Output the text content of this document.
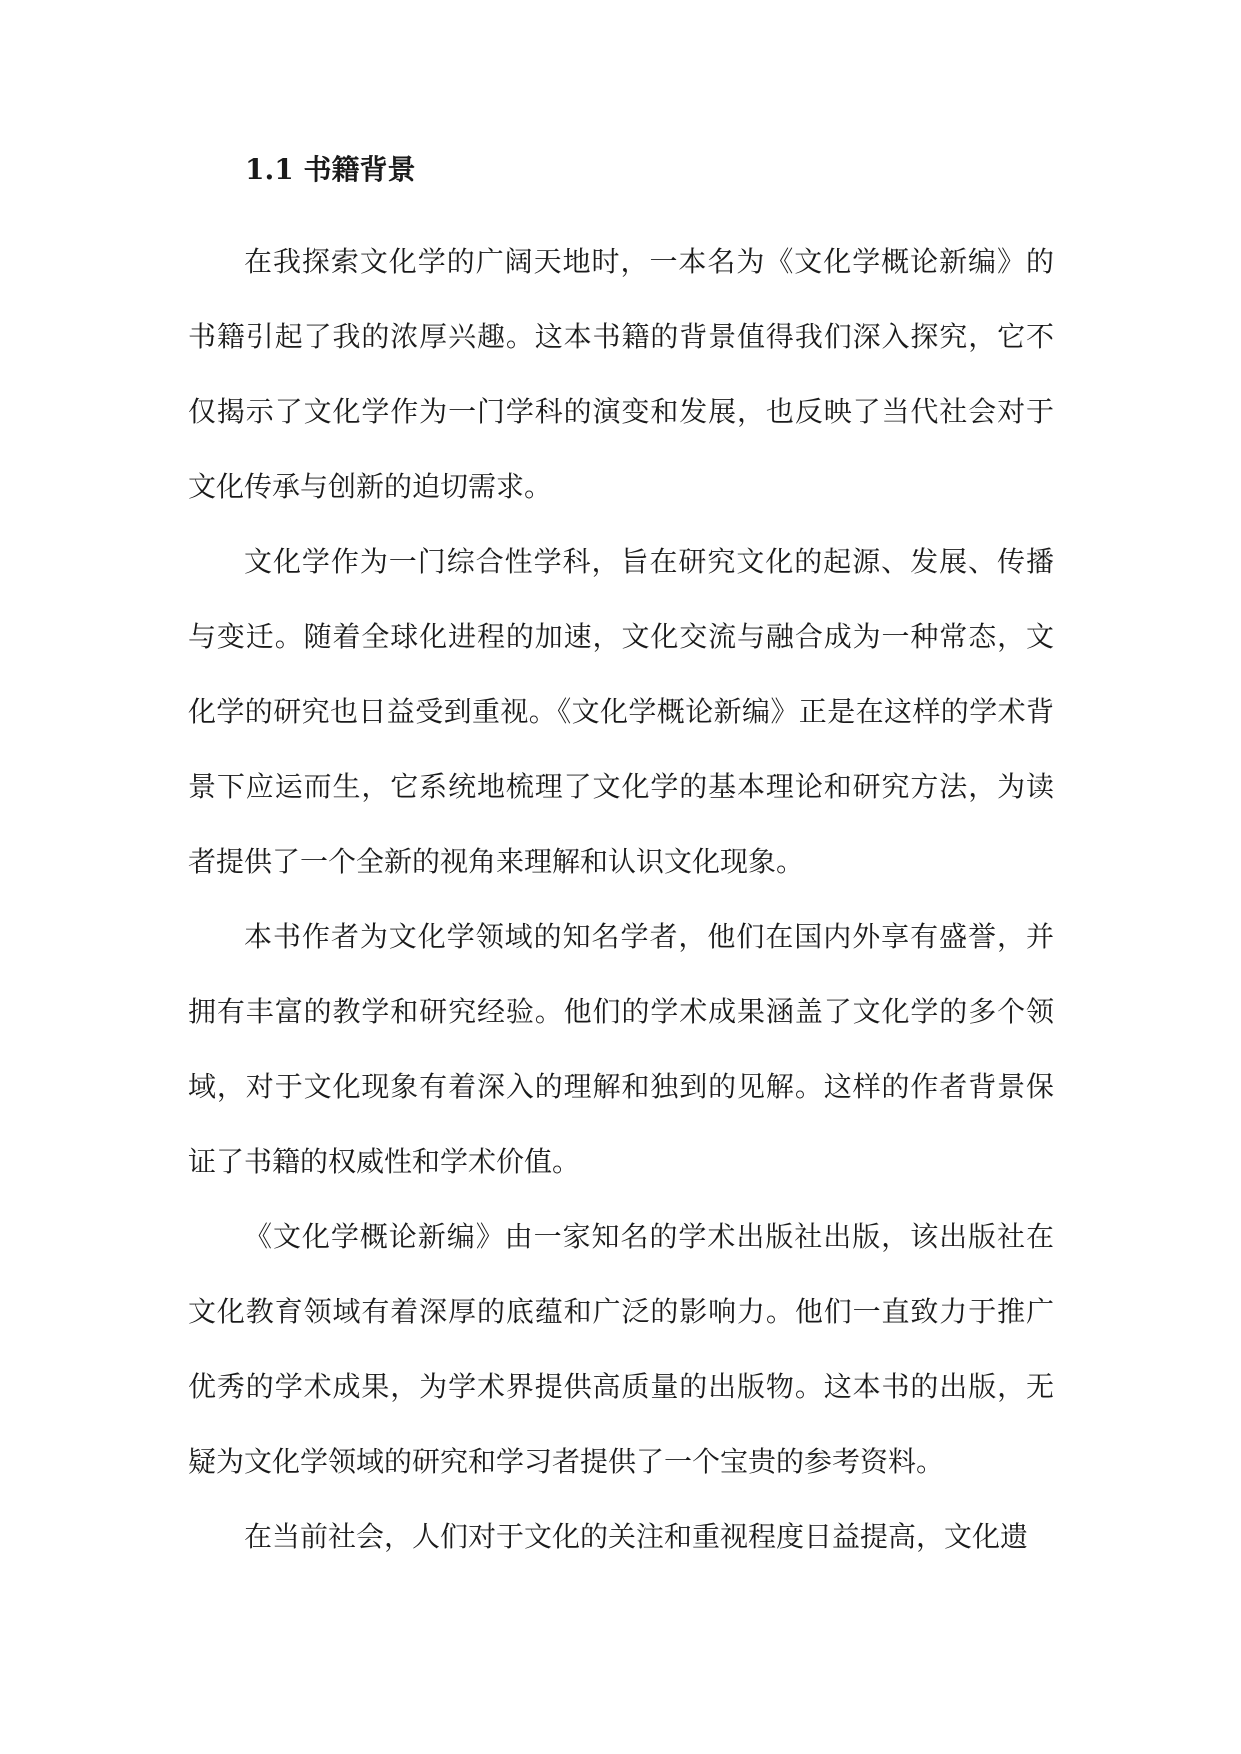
1.1 书籍背景

在我探索文化学的广阔天地时，一本名为《文化学概论新编》的书籍引起了我的浓厚兴趣。这本书籍的背景值得我们深入探究，它不仅揭示了文化学作为一门学科的演变和发展，也反映了当代社会对于文化传承与创新的迫切需求。

文化学作为一门综合性学科，旨在研究文化的起源、发展、传播与变迁。随着全球化进程的加速，文化交流与融合成为一种常态，文化学的研究也日益受到重视。《文化学概论新编》正是在这样的学术背景下应运而生，它系统地梳理了文化学的基本理论和研究方法，为读者提供了一个全新的视角来理解和认识文化现象。

本书作者为文化学领域的知名学者，他们在国内外享有盛誉，并拥有丰富的教学和研究经验。他们的学术成果涵盖了文化学的多个领域，对于文化现象有着深入的理解和独到的见解。这样的作者背景保证了书籍的权威性和学术价值。

《文化学概论新编》由一家知名的学术出版社出版，该出版社在文化教育领域有着深厚的底蕴和广泛的影响力。他们一直致力于推广优秀的学术成果，为学术界提供高质量的出版物。这本书的出版，无疑为文化学领域的研究和学习者提供了一个宝贵的参考资料。

在当前社会，人们对于文化的关注和重视程度日益提高，文化遗
